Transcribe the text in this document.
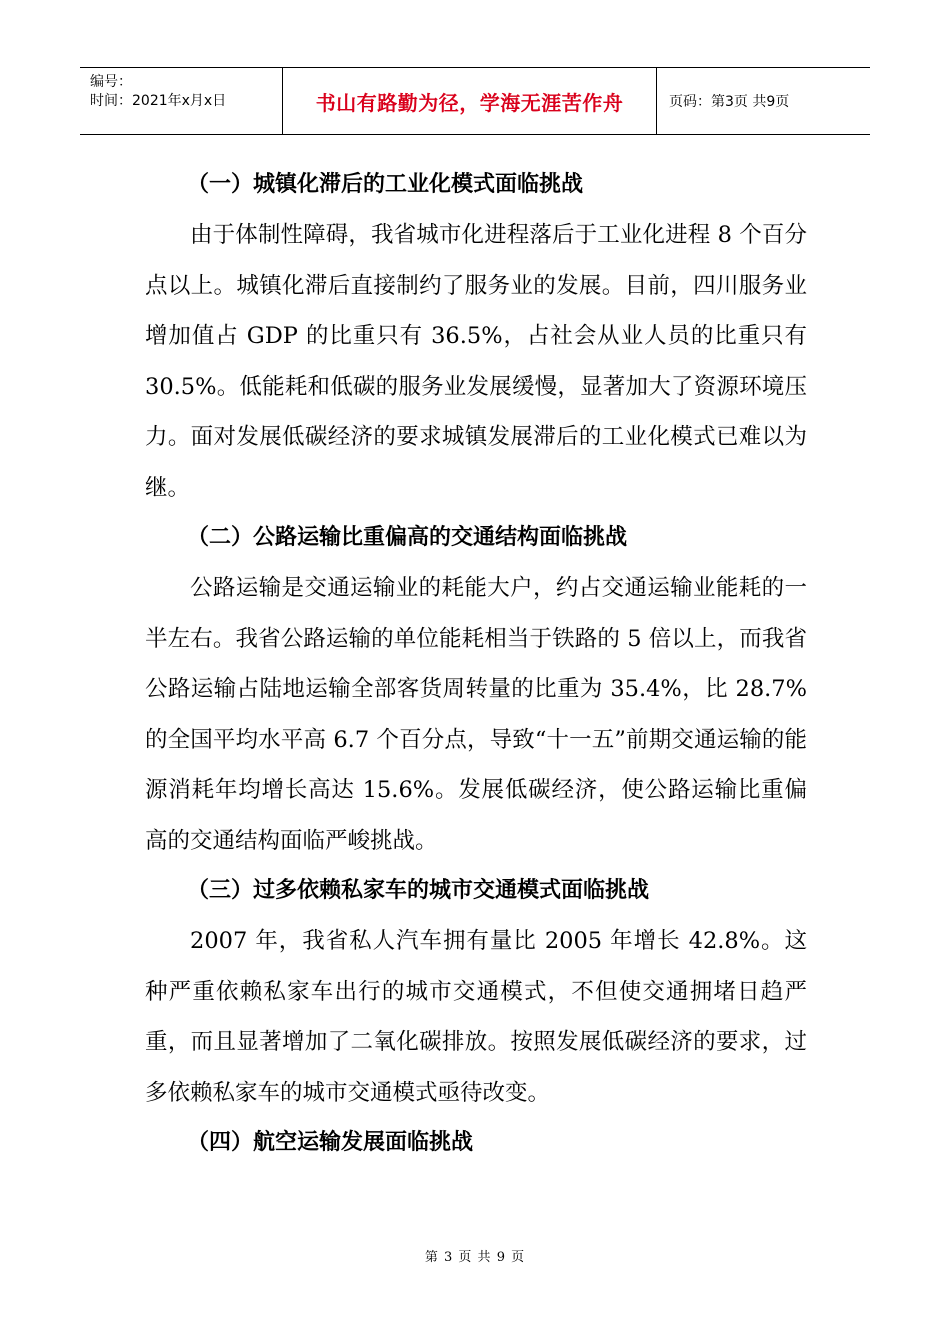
编号：
时间：2021年x月x日	书山有路勤为径，学海无涯苦作舟	页码：第3页 共9页

（一）城镇化滞后的工业化模式面临挑战

由于体制性障碍，我省城市化进程落后于工业化进程 8 个百分点以上。城镇化滞后直接制约了服务业的发展。目前，四川服务业增加值占 GDP 的比重只有 36.5%，占社会从业人员的比重只有 30.5%。低能耗和低碳的服务业发展缓慢，显著加大了资源环境压力。面对发展低碳经济的要求城镇发展滞后的工业化模式已难以为继。

（二）公路运输比重偏高的交通结构面临挑战

公路运输是交通运输业的耗能大户，约占交通运输业能耗的一半左右。我省公路运输的单位能耗相当于铁路的 5 倍以上，而我省公路运输占陆地运输全部客货周转量的比重为 35.4%，比 28.7%的全国平均水平高 6.7 个百分点，导致“十一五”前期交通运输的能源消耗年均增长高达 15.6%。发展低碳经济，使公路运输比重偏高的交通结构面临严峻挑战。

（三）过多依赖私家车的城市交通模式面临挑战

2007 年，我省私人汽车拥有量比 2005 年增长 42.8%。这种严重依赖私家车出行的城市交通模式，不但使交通拥堵日趋严重，而且显著增加了二氧化碳排放。按照发展低碳经济的要求，过多依赖私家车的城市交通模式亟待改变。

（四）航空运输发展面临挑战

第 3 页 共 9 页
